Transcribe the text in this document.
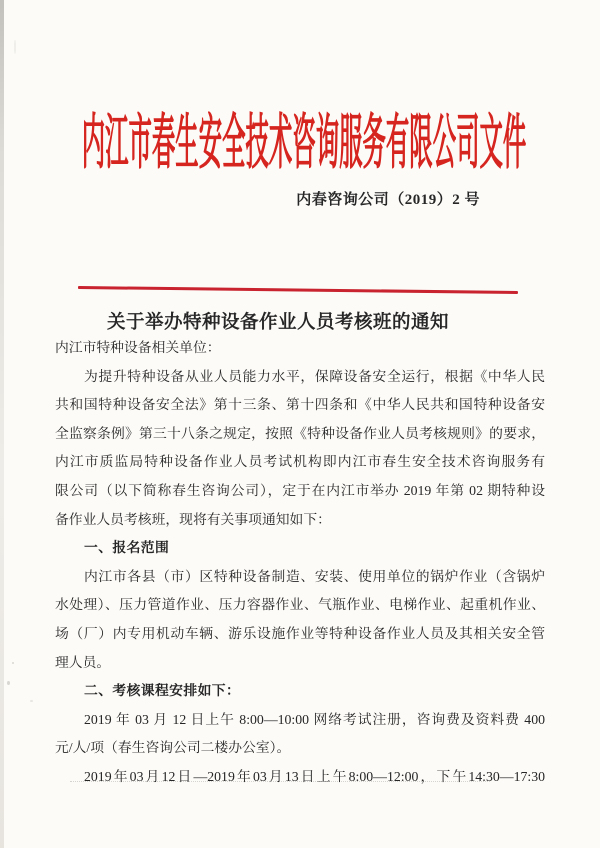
内江市春生安全技术咨询服务有限公司文件
内春咨询公司（2019）2 号
关于举办特种设备作业人员考核班的通知
内江市特种设备相关单位：
为提升特种设备从业人员能力水平，保障设备安全运行，根据《中华人民
共和国特种设备安全法》第十三条、第十四条和《中华人民共和国特种设备安
全监察条例》第三十八条之规定，按照《特种设备作业人员考核规则》的要求，
内江市质监局特种设备作业人员考试机构即内江市春生安全技术咨询服务有
限公司（以下简称春生咨询公司），定于在内江市举办 2019 年第 02 期特种设
备作业人员考核班，现将有关事项通知如下：
一、报名范围
内江市各县（市）区特种设备制造、安装、使用单位的锅炉作业（含锅炉
水处理）、压力管道作业、压力容器作业、气瓶作业、电梯作业、起重机作业、
场（厂）内专用机动车辆、游乐设施作业等特种设备作业人员及其相关安全管
理人员。
二、考核课程安排如下：
2019 年 03 月 12 日上午 8:00—10:00 网络考试注册，咨询费及资料费 400
元/人/项（春生咨询公司二楼办公室）。
2019年03月12日—2019年03月13日上午8:00—12:00，下午14:30—17:30
